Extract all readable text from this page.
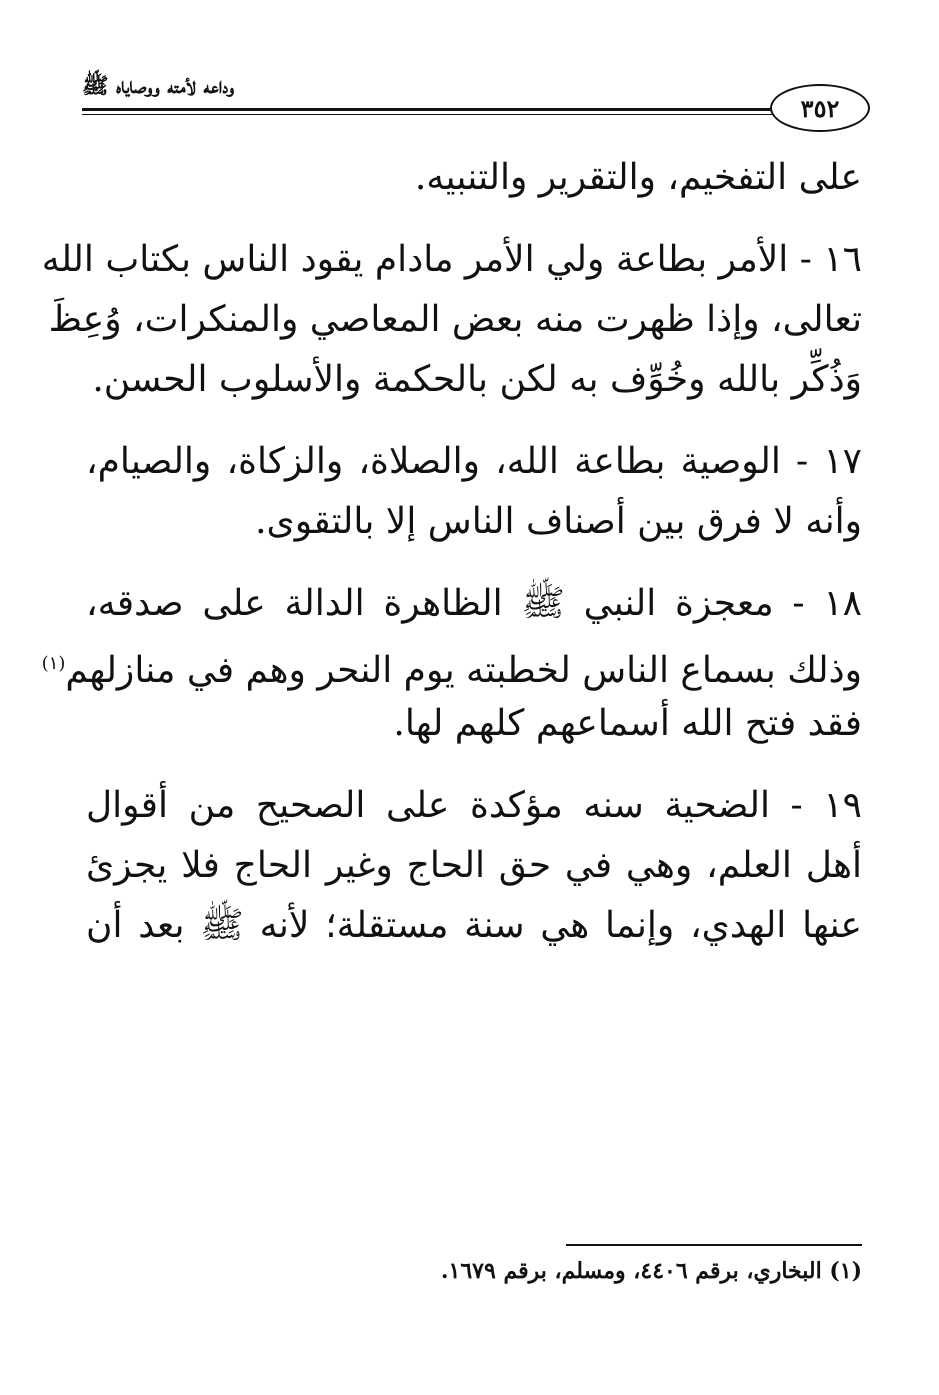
وداعه لأمته ووصاياه ﷺ
٣٥٢
على التفخيم، والتقرير والتنبيه.
١٦ - الأمر بطاعة ولي الأمر مادام يقود الناس بكتاب الله
تعالى، وإذا ظهرت منه بعض المعاصي والمنكرات، وُعِظَ
وَذُكِّر بالله وخُوِّف به لكن بالحكمة والأسلوب الحسن.
١٧ - الوصية بطاعة الله، والصلاة، والزكاة، والصيام،
وأنه لا فرق بين أصناف الناس إلا بالتقوى.
١٨ - معجزة النبي ﷺ الظاهرة الدالة على صدقه،
وذلك بسماع الناس لخطبته يوم النحر وهم في منازلهم$^{(١)}$
فقد فتح الله أسماعهم كلهم لها.
١٩ - الضحية سنه مؤكدة على الصحيح من أقوال
أهل العلم، وهي في حق الحاج وغير الحاج فلا يجزئ
عنها الهدي، وإنما هي سنة مستقلة؛ لأنه ﷺ بعد أن
(١) البخاري، برقم ٤٤٠٦، ومسلم، برقم ١٦٧٩.
